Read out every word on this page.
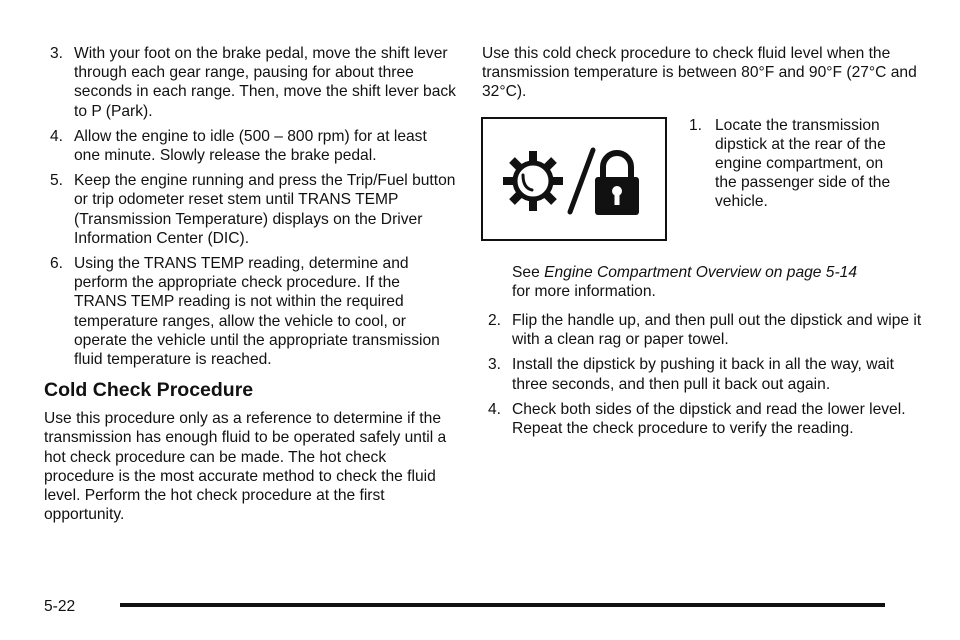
3. With your foot on the brake pedal, move the shift lever through each gear range, pausing for about three seconds in each range. Then, move the shift lever back to P (Park).
4. Allow the engine to idle (500 – 800 rpm) for at least one minute. Slowly release the brake pedal.
5. Keep the engine running and press the Trip/Fuel button or trip odometer reset stem until TRANS TEMP (Transmission Temperature) displays on the Driver Information Center (DIC).
6. Using the TRANS TEMP reading, determine and perform the appropriate check procedure. If the TRANS TEMP reading is not within the required temperature ranges, allow the vehicle to cool, or operate the vehicle until the appropriate transmission fluid temperature is reached.
Cold Check Procedure

Use this procedure only as a reference to determine if the transmission has enough fluid to be operated safely until a hot check procedure can be made. The hot check procedure is the most accurate method to check the fluid level. Perform the hot check procedure at the first opportunity.

Use this cold check procedure to check fluid level when the transmission temperature is between 80°F and 90°F (27°C and 32°C).

1. Locate the transmission dipstick at the rear of the engine compartment, on the passenger side of the vehicle.
See Engine Compartment Overview on page 5-14
for more information.
2. Flip the handle up, and then pull out the dipstick and wipe it with a clean rag or paper towel.
3. Install the dipstick by pushing it back in all the way, wait three seconds, and then pull it back out again.
4. Check both sides of the dipstick and read the lower level. Repeat the check procedure to verify the reading.
5-22
